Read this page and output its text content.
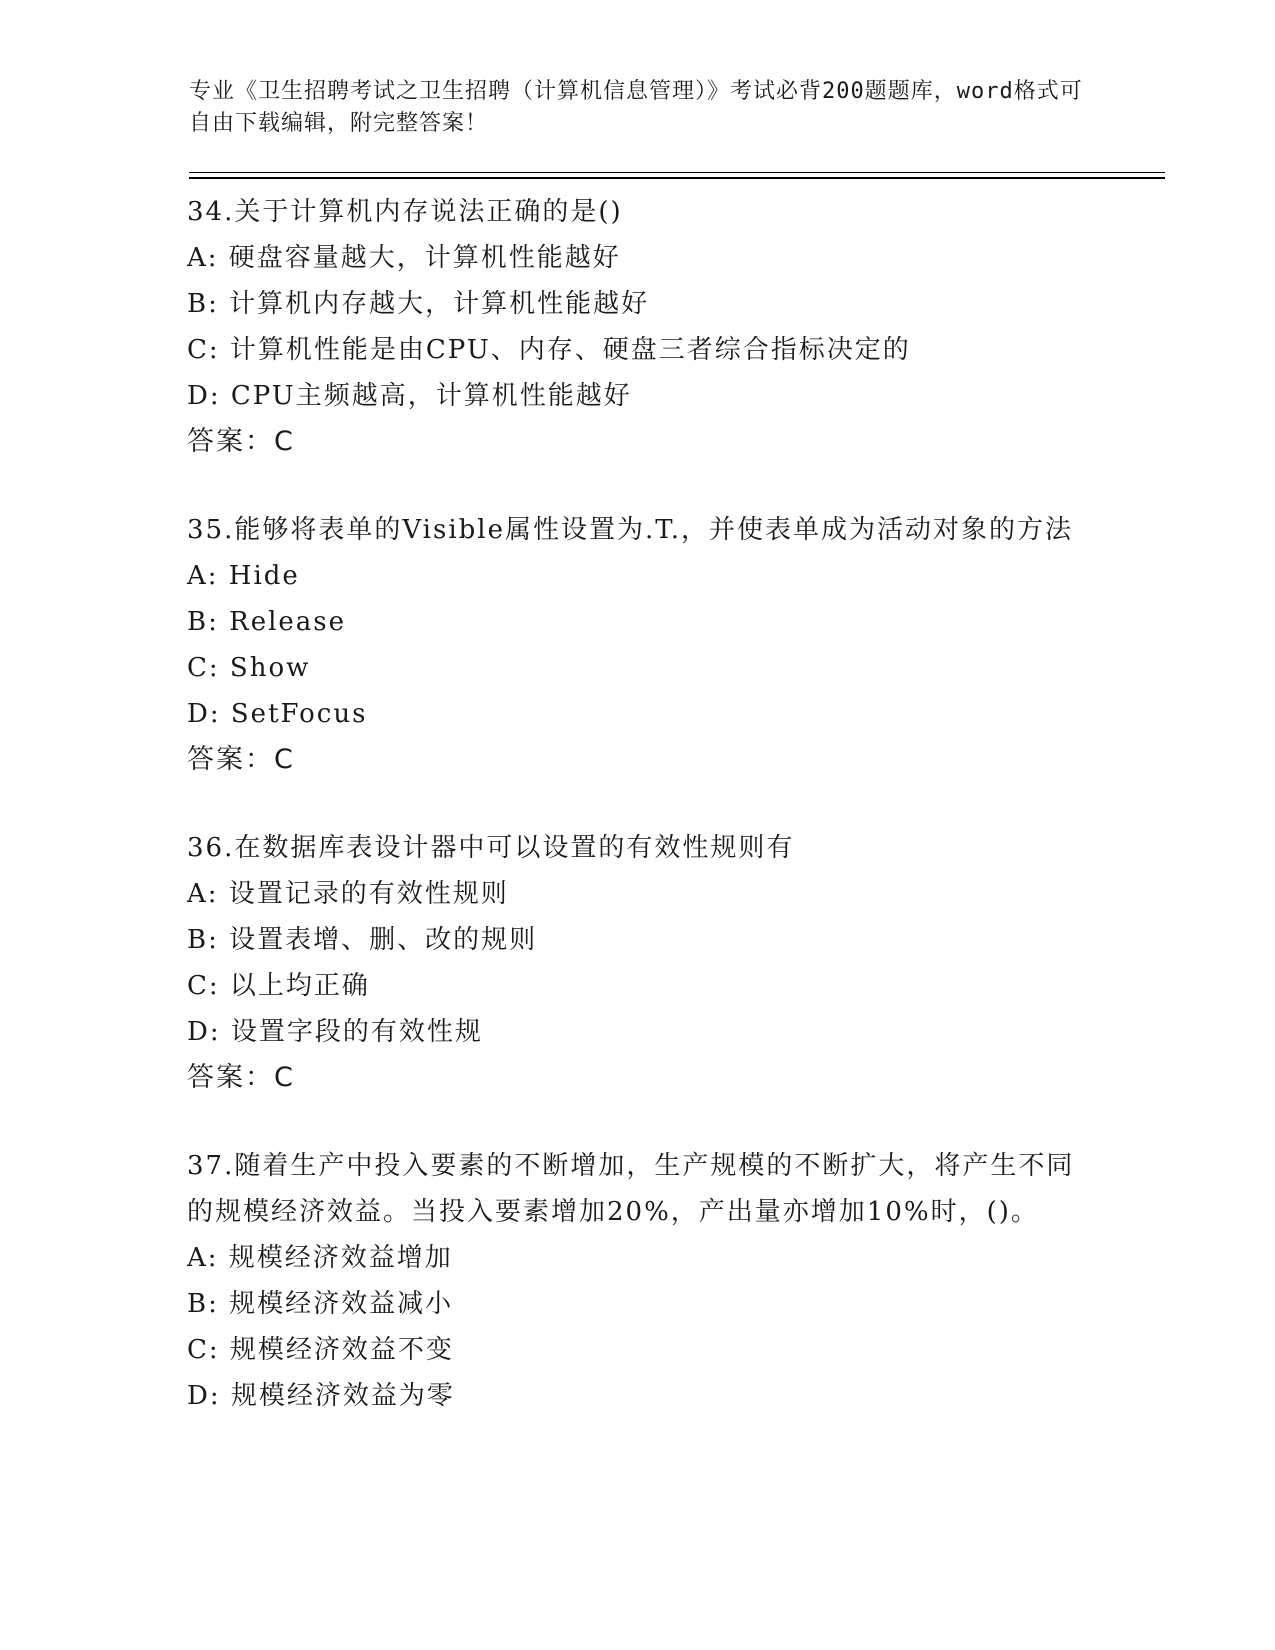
专业《卫生招聘考试之卫生招聘（计算机信息管理）》考试必背200题题库，word格式可自由下载编辑，附完整答案！
34.关于计算机内存说法正确的是()
A: 硬盘容量越大，计算机性能越好
B: 计算机内存越大，计算机性能越好
C: 计算机性能是由CPU、内存、硬盘三者综合指标决定的
D: CPU主频越高，计算机性能越好
答案：C
35.能够将表单的Visible属性设置为.T.，并使表单成为活动对象的方法
A: Hide
B: Release
C: Show
D: SetFocus
答案：C
36.在数据库表设计器中可以设置的有效性规则有
A: 设置记录的有效性规则
B: 设置表增、删、改的规则
C: 以上均正确
D: 设置字段的有效性规
答案：C
37.随着生产中投入要素的不断增加，生产规模的不断扩大，将产生不同的规模经济效益。当投入要素增加20%，产出量亦增加10%时，()。
A: 规模经济效益增加
B: 规模经济效益减小
C: 规模经济效益不变
D: 规模经济效益为零
